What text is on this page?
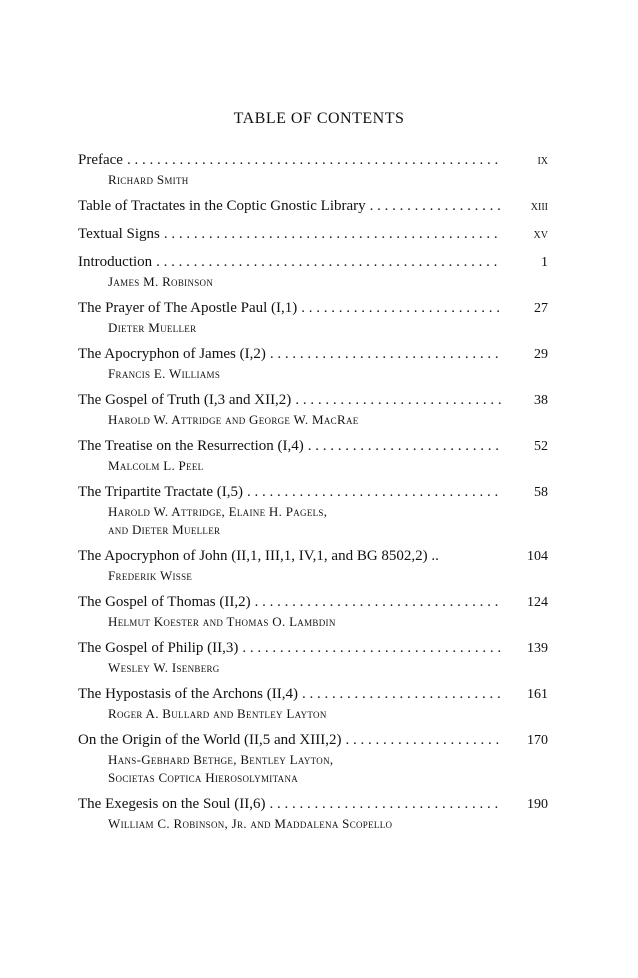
TABLE OF CONTENTS
Preface . . .	ix
Richard Smith
Table of Tractates in the Coptic Gnostic Library . . .	xiii
Textual Signs . . .	xv
Introduction . . .	1
James M. Robinson
The Prayer of The Apostle Paul (I,1) . . .	27
Dieter Mueller
The Apocryphon of James (I,2) . . .	29
Francis E. Williams
The Gospel of Truth (I,3 and XII,2) . . .	38
Harold W. Attridge and George W. MacRae
The Treatise on the Resurrection (I,4) . . .	52
Malcolm L. Peel
The Tripartite Tractate (I,5) . . .	58
Harold W. Attridge, Elaine H. Pagels,
and Dieter Mueller
The Apocryphon of John (II,1, III,1, IV,1, and BG 8502,2) ..	104
Frederik Wisse
The Gospel of Thomas (II,2) . . .	124
Helmut Koester and Thomas O. Lambdin
The Gospel of Philip (II,3) . . .	139
Wesley W. Isenberg
The Hypostasis of the Archons (II,4) . . .	161
Roger A. Bullard and Bentley Layton
On the Origin of the World (II,5 and XIII,2) . . .	170
Hans-Gebhard Bethge, Bentley Layton,
Societas Coptica Hierosolymitana
The Exegesis on the Soul (II,6) . . .	190
William C. Robinson, Jr. and Maddalena Scopello
